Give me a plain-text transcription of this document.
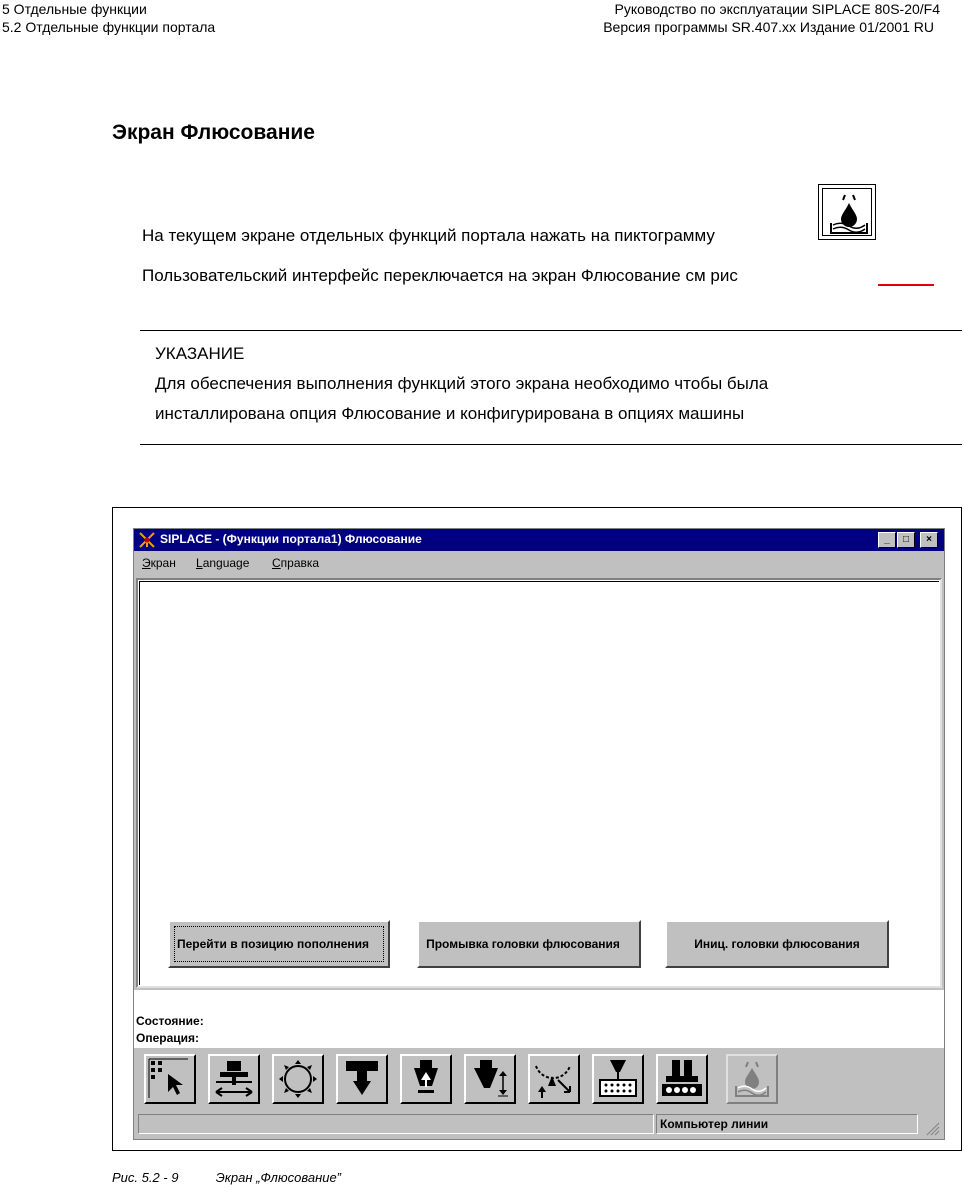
5 Отдельные функции
5.2 Отдельные функции портала
Руководство по эксплуатации SIPLACE 80S-20/F4
Версия программы SR.407.xx Издание 01/2001 RU
Экран Флюсование
На текущем экране отдельных функций портала нажать на пиктограмму
Пользовательский интерфейс переключается на экран Флюсование см рис
УКАЗАНИЕ
Для обеспечения выполнения функций этого экрана необходимо чтобы была
инсталлирована опция Флюсование и конфигурирована в опциях машины
SIPLACE - (Функции портала1) Флюсование	_	□	×
Экран Language Справка
Перейти в позицию пополнения	Промывка головки флюсования	Иниц. головки флюсования
Состояние:
Операция:
Компьютер линии
Рис. 5.2 - 9	Экран „Флюсование”
